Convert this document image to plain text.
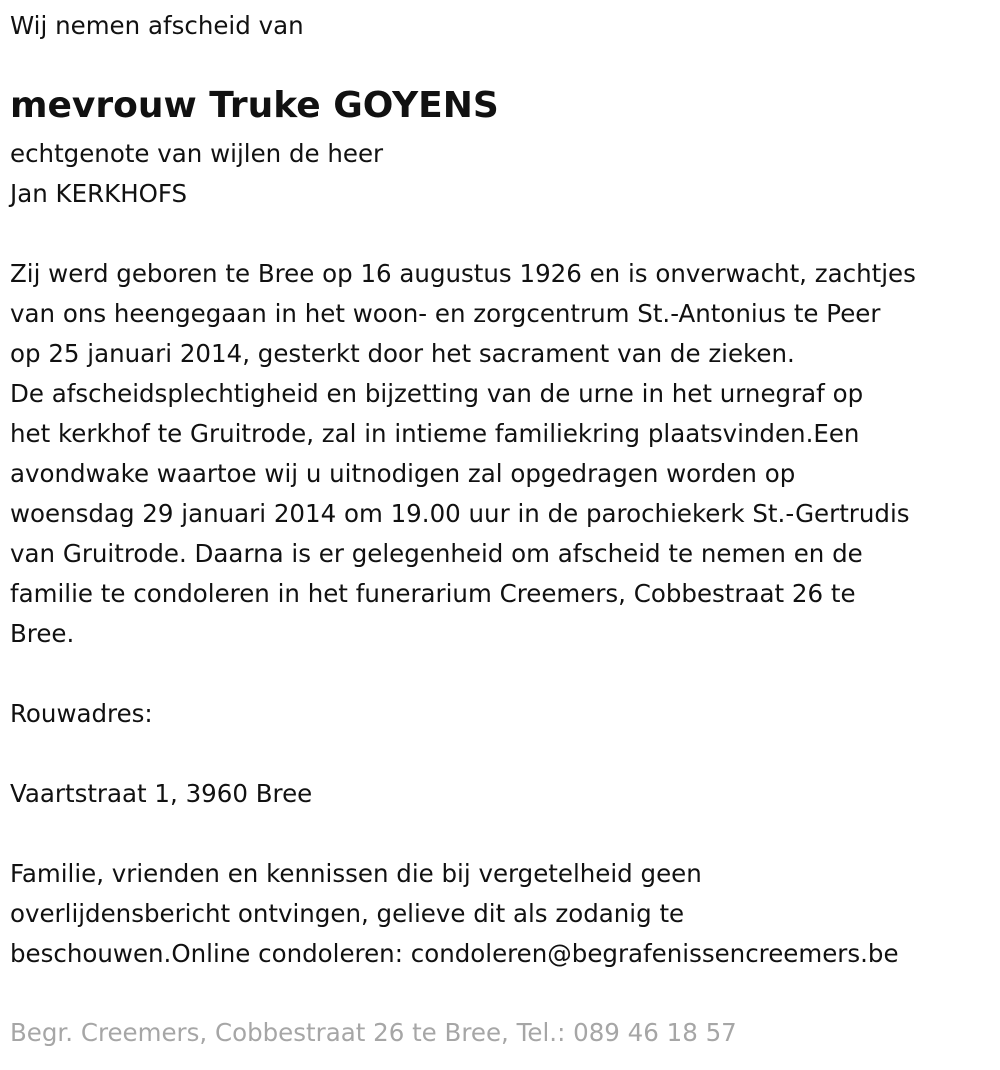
Wij nemen afscheid van

mevrouw Truke GOYENS

echtgenote van wijlen de heer

Jan KERKHOFS

Zij werd geboren te Bree op 16 augustus 1926 en is onverwacht, zachtjes

van ons heengegaan in het woon- en zorgcentrum St.-Antonius te Peer

op 25 januari 2014, gesterkt door het sacrament van de zieken.

De afscheidsplechtigheid en bijzetting van de urne in het urnegraf op

het kerkhof te Gruitrode, zal in intieme familiekring plaatsvinden.Een

avondwake waartoe wij u uitnodigen zal opgedragen worden op

woensdag 29 januari 2014 om 19.00 uur in de parochiekerk St.-Gertrudis

van Gruitrode. Daarna is er gelegenheid om afscheid te nemen en de

familie te condoleren in het funerarium Creemers, Cobbestraat 26 te

Bree.

Rouwadres:

Vaartstraat 1, 3960 Bree

Familie, vrienden en kennissen die bij vergetelheid geen

overlijdensbericht ontvingen, gelieve dit als zodanig te

beschouwen.Online condoleren: condoleren@begrafenissencreemers.be

Begr. Creemers, Cobbestraat 26 te Bree, Tel.: 089 46 18 57
